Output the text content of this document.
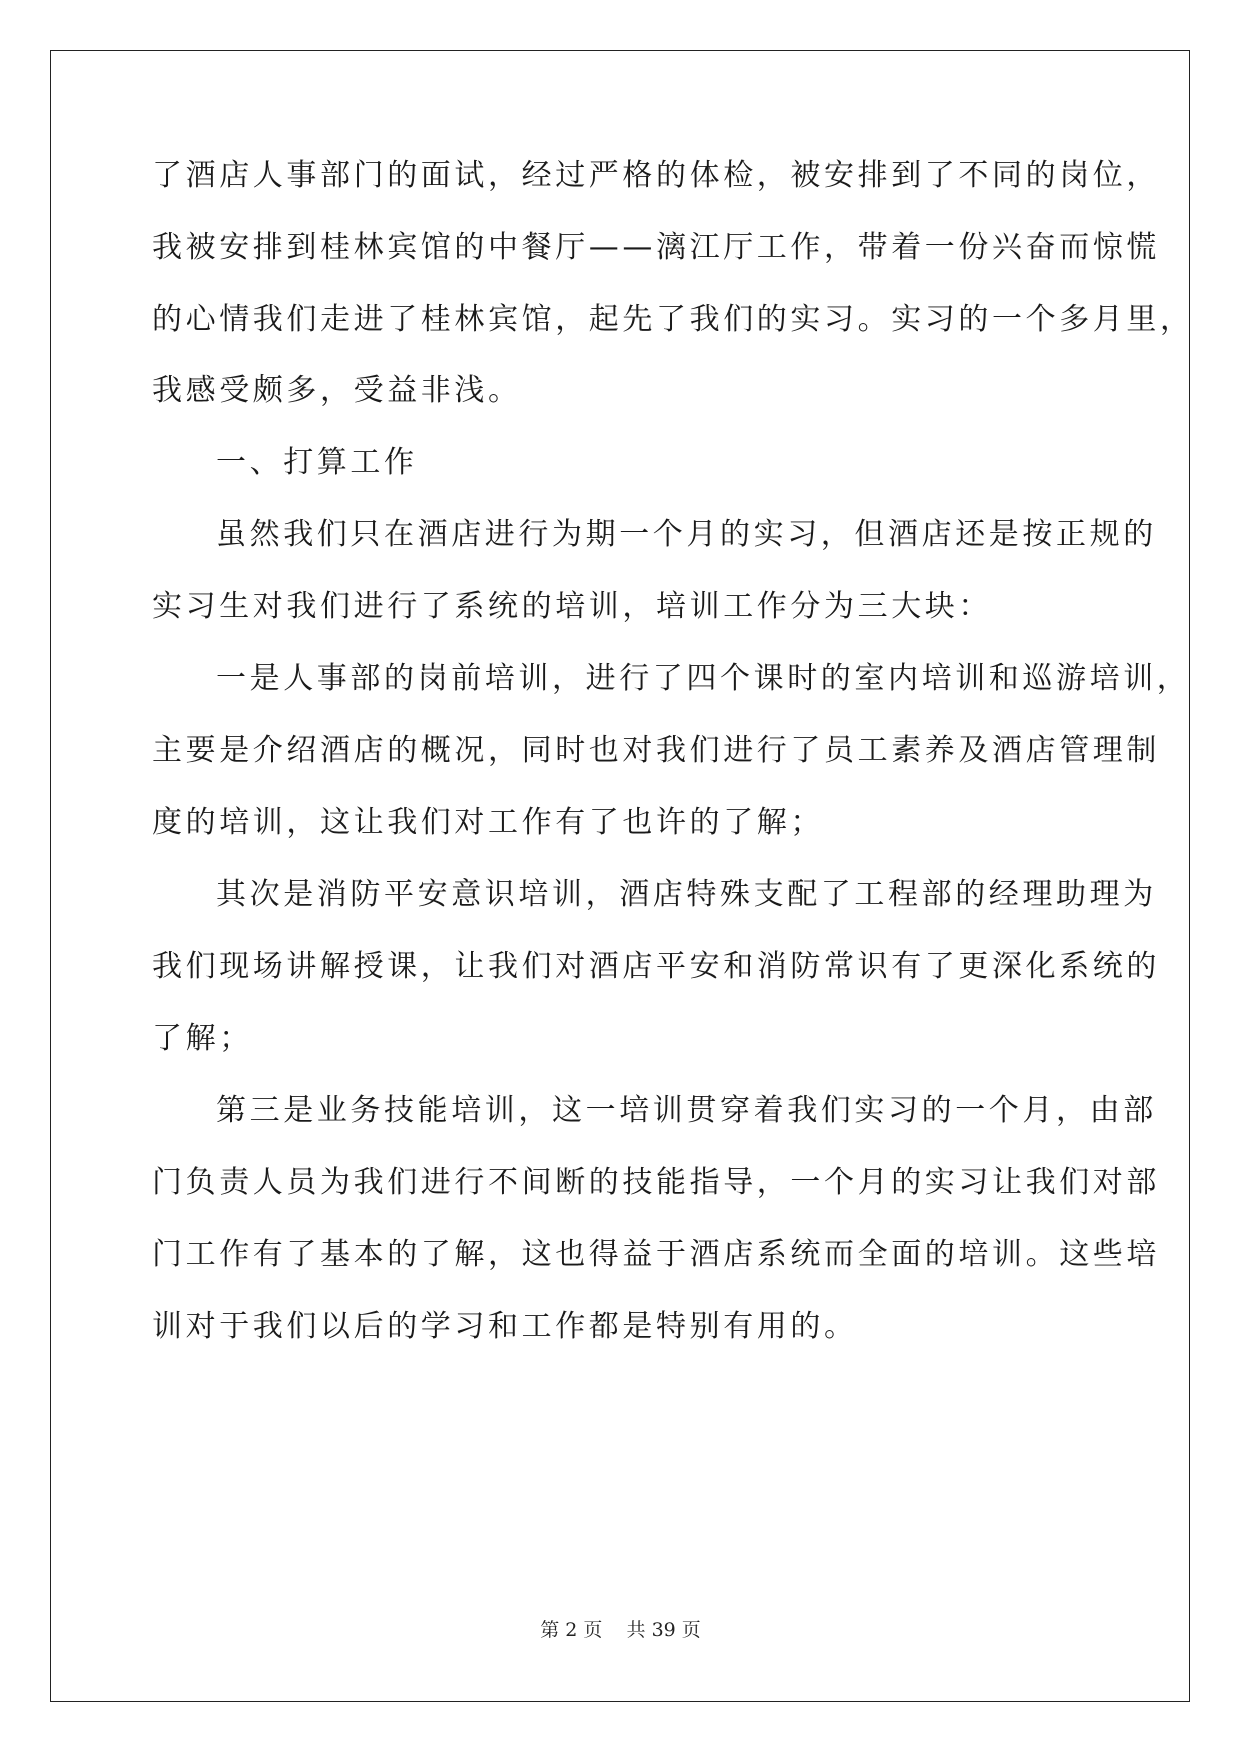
了酒店人事部门的面试，经过严格的体检，被安排到了不同的岗位，
我被安排到桂林宾馆的中餐厅——漓江厅工作，带着一份兴奋而惊慌
的心情我们走进了桂林宾馆，起先了我们的实习。实习的一个多月里，
我感受颇多，受益非浅。
一、打算工作
虽然我们只在酒店进行为期一个月的实习，但酒店还是按正规的
实习生对我们进行了系统的培训，培训工作分为三大块：
一是人事部的岗前培训，进行了四个课时的室内培训和巡游培训，
主要是介绍酒店的概况，同时也对我们进行了员工素养及酒店管理制
度的培训，这让我们对工作有了也许的了解；
其次是消防平安意识培训，酒店特殊支配了工程部的经理助理为
我们现场讲解授课，让我们对酒店平安和消防常识有了更深化系统的
了解；
第三是业务技能培训，这一培训贯穿着我们实习的一个月，由部
门负责人员为我们进行不间断的技能指导，一个月的实习让我们对部
门工作有了基本的了解，这也得益于酒店系统而全面的培训。这些培
训对于我们以后的学习和工作都是特别有用的。
第 2 页    共 39 页
